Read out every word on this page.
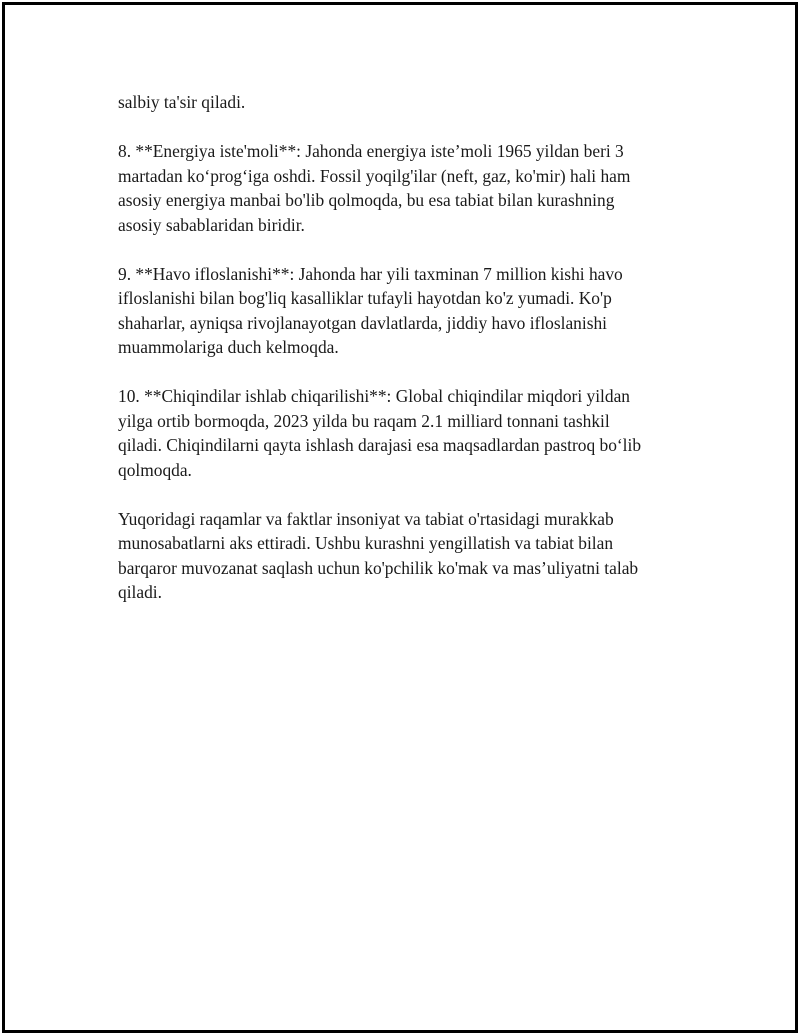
salbiy ta'sir qiladi.

8. **Energiya iste'moli**: Jahonda energiya iste’moli 1965 yildan beri 3
martadan ko‘prog‘iga oshdi. Fossil yoqilg'ilar (neft, gaz, ko'mir) hali ham
asosiy energiya manbai bo'lib qolmoqda, bu esa tabiat bilan kurashning
asosiy sabablaridan biridir.

9. **Havo ifloslanishi**: Jahonda har yili taxminan 7 million kishi havo
ifloslanishi bilan bog'liq kasalliklar tufayli hayotdan ko'z yumadi. Ko'p
shaharlar, ayniqsa rivojlanayotgan davlatlarda, jiddiy havo ifloslanishi
muammolariga duch kelmoqda.

10. **Chiqindilar ishlab chiqarilishi**: Global chiqindilar miqdori yildan
yilga ortib bormoqda, 2023 yilda bu raqam 2.1 milliard tonnani tashkil
qiladi. Chiqindilarni qayta ishlash darajasi esa maqsadlardan pastroq bo‘lib
qolmoqda.

Yuqoridagi raqamlar va faktlar insoniyat va tabiat o'rtasidagi murakkab
munosabatlarni aks ettiradi. Ushbu kurashni yengillatish va tabiat bilan
barqaror muvozanat saqlash uchun ko'pchilik ko'mak va mas’uliyatni talab
qiladi.
